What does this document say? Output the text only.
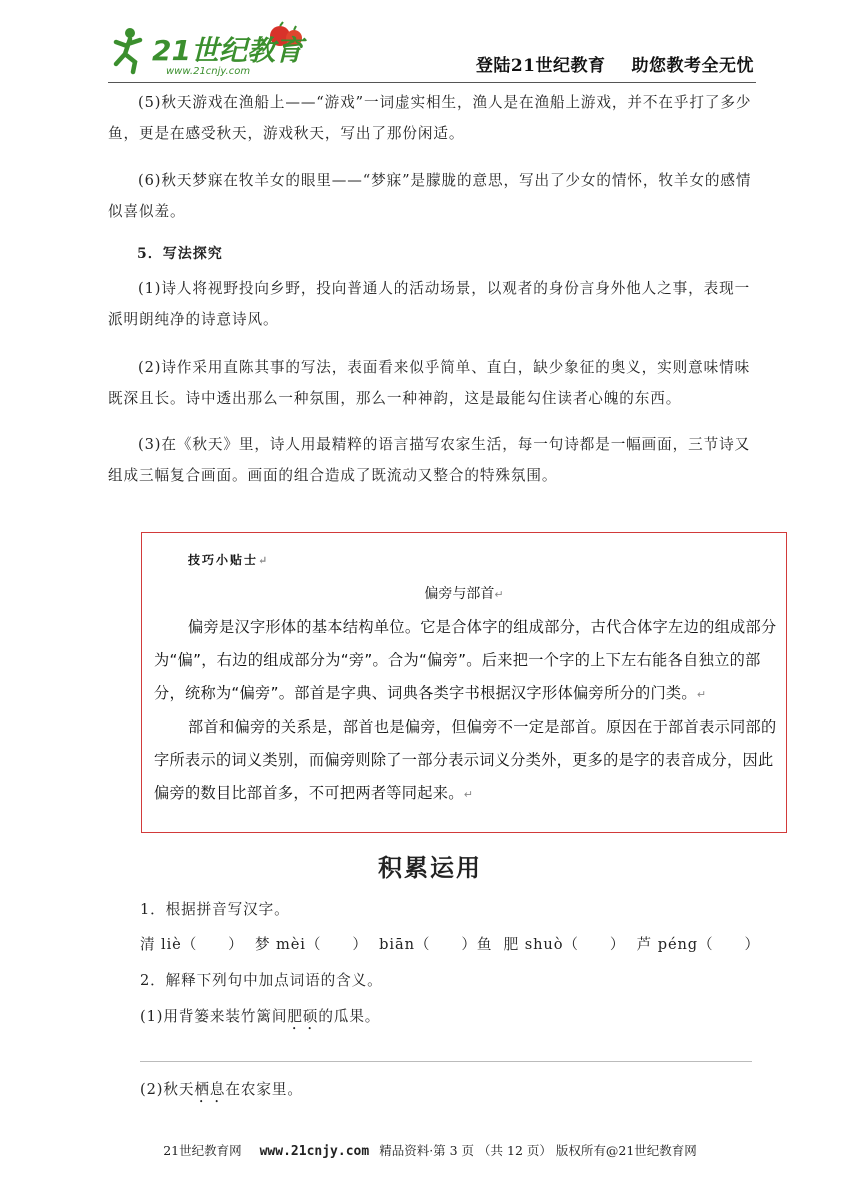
21世纪教育
www.21cnjy.com	登陆21世纪教育 助您教考全无忧

(5)秋天游戏在渔船上——“游戏”一词虚实相生，渔人是在渔船上游戏，并不在乎打了多少鱼，更是在感受秋天，游戏秋天，写出了那份闲适。

(6)秋天梦寐在牧羊女的眼里——“梦寐”是朦胧的意思，写出了少女的情怀，牧羊女的感情似喜似羞。

5．写法探究

(1)诗人将视野投向乡野，投向普通人的活动场景，以观者的身份言身外他人之事，表现一派明朗纯净的诗意诗风。

(2)诗作采用直陈其事的写法，表面看来似乎简单、直白，缺少象征的奥义，实则意味情味既深且长。诗中透出那么一种氛围，那么一种神韵，这是最能勾住读者心魄的东西。

(3)在《秋天》里，诗人用最精粹的语言描写农家生活，每一句诗都是一幅画面，三节诗又组成三幅复合画面。画面的组合造成了既流动又整合的特殊氛围。

技巧小贴士↵
偏旁与部首↵

偏旁是汉字形体的基本结构单位。它是合体字的组成部分，古代合体字左边的组成部分为“偏”，右边的组成部分为“旁”。合为“偏旁”。后来把一个字的上下左右能各自独立的部分，统称为“偏旁”。部首是字典、词典各类字书根据汉字形体偏旁所分的门类。↵

部首和偏旁的关系是，部首也是偏旁，但偏旁不一定是部首。原因在于部首表示同部的字所表示的词义类别，而偏旁则除了一部分表示词义分类外，更多的是字的表音成分，因此偏旁的数目比部首多，不可把两者等同起来。↵

积累运用

1．根据拼音写汉字。

清 liè（　　） 梦 mèi（　　） biān（　　）鱼 肥 shuò（　　） 芦 péng（　　）

2．解释下列句中加点词语的含义。

(1)用背篓来装竹篱间肥硕的瓜果。

(2)秋天栖息在农家里。

21世纪教育网 www.21cnjy.com 精品资料·第 3 页 （共 12 页） 版权所有@21世纪教育网
